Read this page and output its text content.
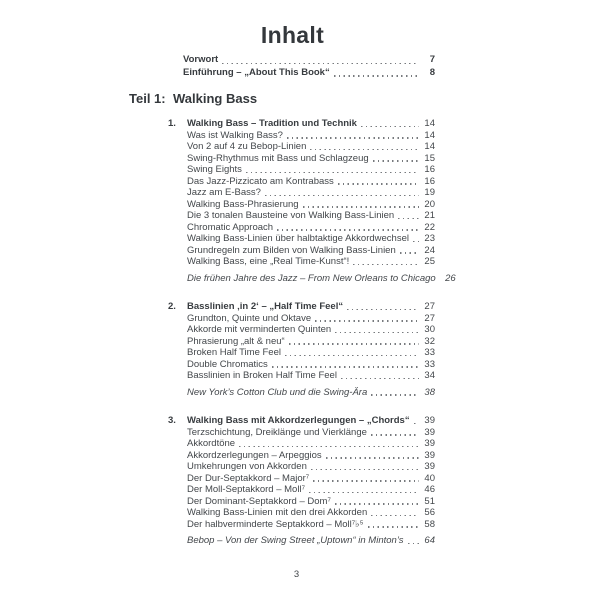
Inhalt
Vorwort	7
Einführung – „About This Book“	8
Teil 1: Walking Bass
1.	Walking Bass – Tradition und Technik	14
Was ist Walking Bass?	14
Von 2 auf 4 zu Bebop-Linien	14
Swing-Rhythmus mit Bass und Schlagzeug	15
Swing Eights	16
Das Jazz-Pizzicato am Kontrabass	16
Jazz am E-Bass?	19
Walking Bass-Phrasierung	20
Die 3 tonalen Bausteine von Walking Bass-Linien	21
Chromatic Approach	22
Walking Bass-Linien über halbtaktige Akkordwechsel 23
Grundregeln zum Bilden von Walking Bass-Linien	24
Walking Bass, eine „Real Time-Kunst“!	25
Die frühen Jahre des Jazz – From New Orleans to Chicago 26
2.	Basslinien ‚in 2‘ – „Half Time Feel“	27
Grundton, Quinte und Oktave	27
Akkorde mit verminderten Quinten	30
Phrasierung „alt & neu“	32
Broken Half Time Feel	33
Double Chromatics	33
Basslinien in Broken Half Time Feel	34
New York’s Cotton Club und die Swing-Ära	38
3.	Walking Bass mit Akkordzerlegungen – „Chords“ 39
Terzschichtung, Dreiklänge und Vierklänge	39
Akkordtöne	39
Akkordzerlegungen – Arpeggios	39
Umkehrungen von Akkorden	39
Der Dur-Septakkord – Major⁷	40
Der Moll-Septakkord – Moll⁷	46
Der Dominant-Septakkord – Dom⁷	51
Walking Bass-Linien mit den drei Akkorden	56
Der halbverminderte Septakkord – Moll⁷♭⁵	58
Bebop – Von der Swing Street „Uptown“ in Minton’s 64
3
